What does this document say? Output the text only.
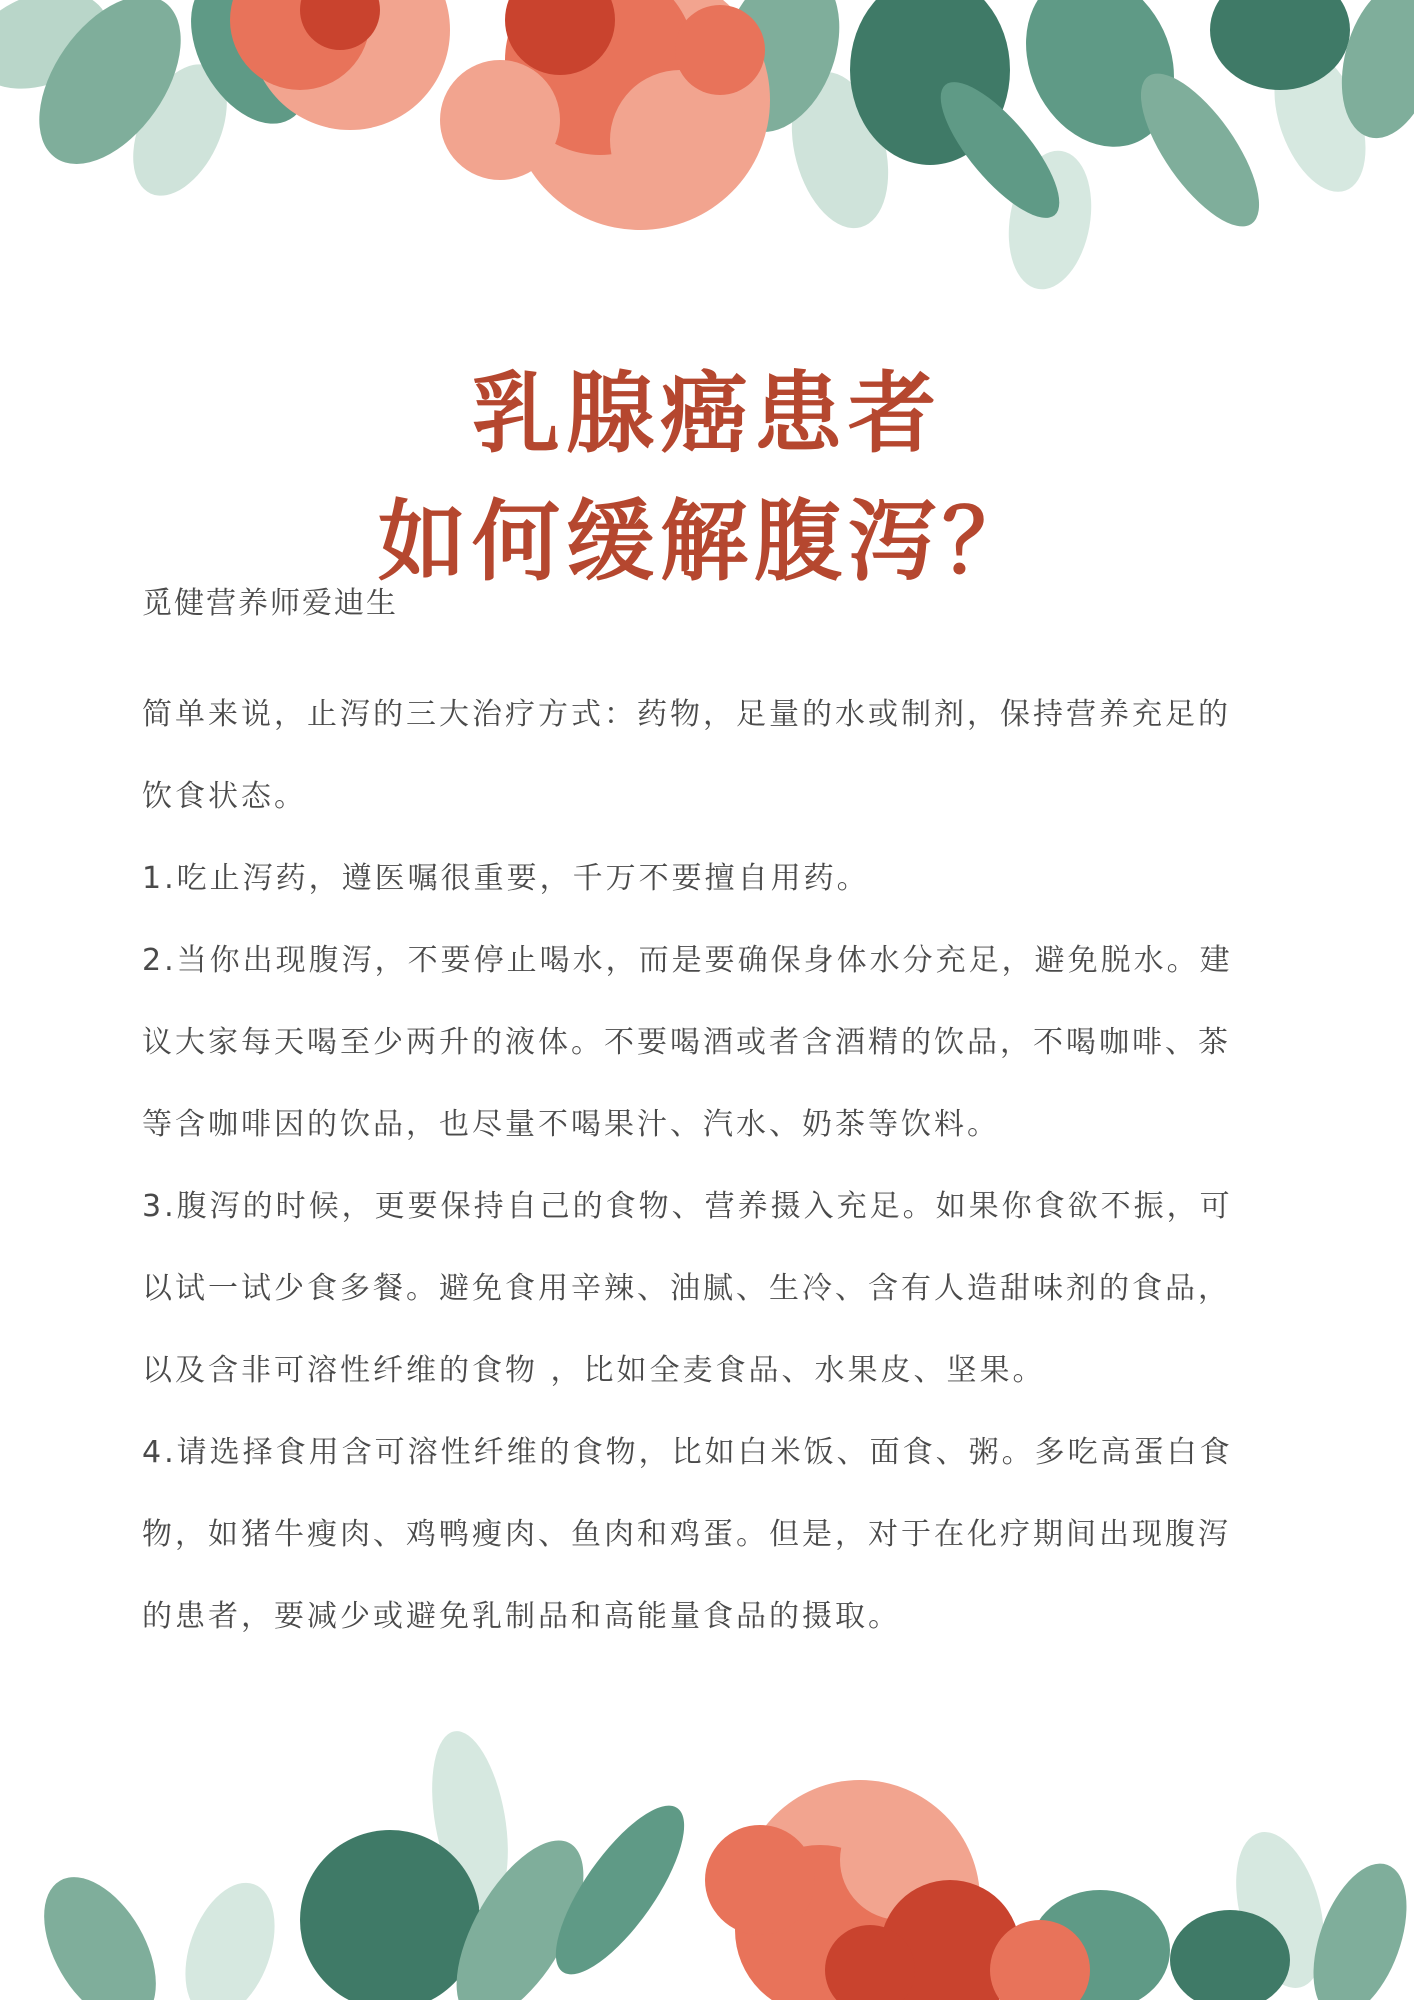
乳腺癌患者
如何缓解腹泻？

觅健营养师爱迪生

简单来说，止泻的三大治疗方式：药物，足量的水或制剂，保持营养充足的饮食状态。

1.吃止泻药，遵医嘱很重要，千万不要擅自用药。

2.当你出现腹泻，不要停止喝水，而是要确保身体水分充足，避免脱水。建议大家每天喝至少两升的液体。不要喝酒或者含酒精的饮品，不喝咖啡、茶等含咖啡因的饮品，也尽量不喝果汁、汽水、奶茶等饮料。

3.腹泻的时候，更要保持自己的食物、营养摄入充足。如果你食欲不振，可以试一试少食多餐。避免食用辛辣、油腻、生冷、含有人造甜味剂的食品，以及含非可溶性纤维的食物 ，比如全麦食品、水果皮、坚果。

4.请选择食用含可溶性纤维的食物，比如白米饭、面食、粥。多吃高蛋白食物，如猪牛瘦肉、鸡鸭瘦肉、鱼肉和鸡蛋。但是，对于在化疗期间出现腹泻的患者，要减少或避免乳制品和高能量食品的摄取。
